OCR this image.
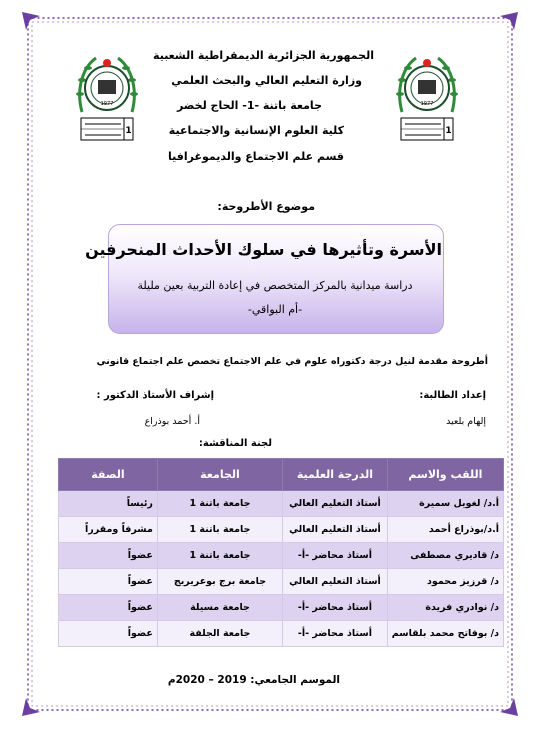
1977
1
1977
1
الجمهورية الجزائرية الديمقراطية الشعبية
وزارة التعليم العالي والبحث العلمي
جامعة باتنة -1- الحاج لخضر
كلية العلوم الإنسانية والاجتماعية
قسم علم الاجتماع والديموغرافيا
موضوع الأطروحة:
الأسرة وتأثيرها في سلوك الأحداث المنحرفين
دراسة ميدانية بالمركز المتخصص في إعادة التربية بعين مليلة
-أم البواقي-
أطروحة مقدمة لنيل درجة دكتوراه علوم في علم الاجتماع تخصص علم اجتماع قانوني
إعداد الطالبة:
إشراف الأستاذ الدكتور :
إلهام بلعيد
أ. أحمد بوذراع
لجنة المناقشة:
اللقب والاسم	الدرجة العلمية	الجامعة	الصفة
أ.د/ لغويل سميرة	أستاذ التعليم العالي	جامعة باتنة 1	رئيساً
أ.د/بوذراع أحمد	أستاذ التعليم العالي	جامعة باتنة 1	مشرفاً ومقرراً
د/ قاديري مصطفى	أستاذ محاضر -أ-	جامعة باتنة 1	عضواً
د/ قرزيز محمود	أستاذ التعليم العالي	جامعة برج بوعريريج	عضواً
د/ نوادري فريدة	أستاذ محاضر -أ-	جامعة مسيلة	عضواً
د/ بوفاتح محمد بلقاسم	أستاذ محاضر -أ-	جامعة الجلفة	عضواً
الموسم الجامعي: 2019 – 2020م
